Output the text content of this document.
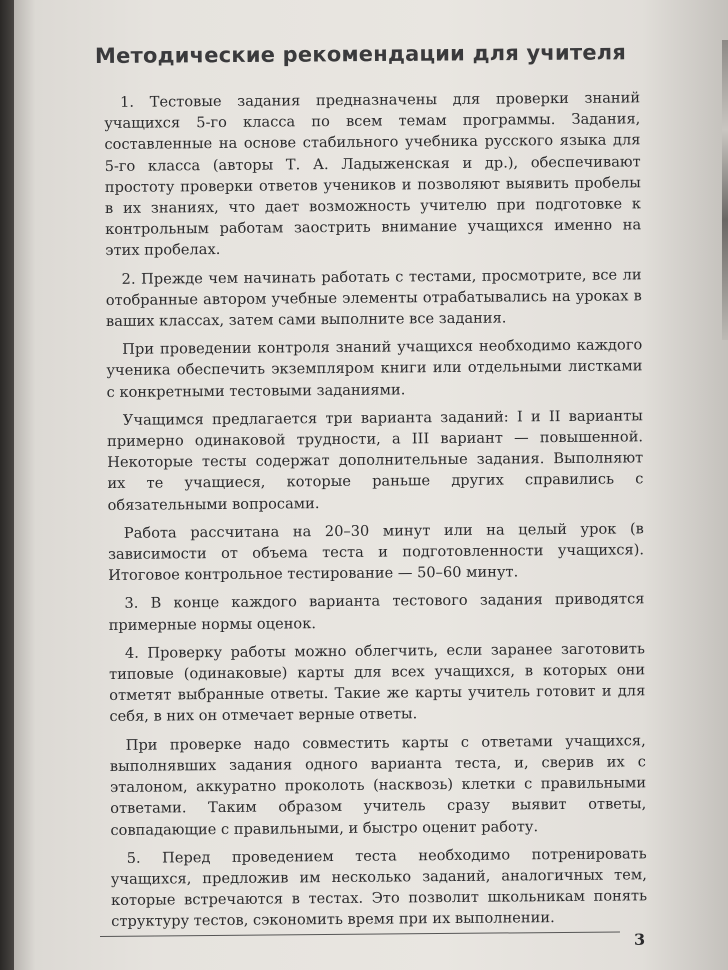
Методические рекомендации для учителя

1. Тестовые задания предназначены для проверки знаний учащихся 5-го класса по всем темам программы. Задания, составленные на основе стабильного учебника русского языка для 5-го класса (авторы Т. А. Ладыженская и др.), обеспечивают простоту проверки ответов учеников и позволяют выявить пробелы в их знаниях, что дает возможность учителю при подготовке к контрольным работам заострить внимание учащихся именно на этих пробелах.

2. Прежде чем начинать работать с тестами, просмотрите, все ли отобранные автором учебные элементы отрабатывались на уроках в ваших классах, затем сами выполните все задания.

При проведении контроля знаний учащихся необходимо каждого ученика обеспечить экземпляром книги или отдельными листками с конкретными тестовыми заданиями.

Учащимся предлагается три варианта заданий: I и II варианты примерно одинаковой трудности, а III вариант — повышенной. Некоторые тесты содержат дополнительные задания. Выполняют их те учащиеся, которые раньше других справились с обязательными вопросами.

Работа рассчитана на 20–30 минут или на целый урок (в зависимости от объема теста и подготовленности учащихся). Итоговое контрольное тестирование — 50–60 минут.

3. В конце каждого варианта тестового задания приводятся примерные нормы оценок.

4. Проверку работы можно облегчить, если заранее заготовить типовые (одинаковые) карты для всех учащихся, в которых они отметят выбранные ответы. Такие же карты учитель готовит и для себя, в них он отмечает верные ответы.

При проверке надо совместить карты с ответами учащихся, выполнявших задания одного варианта теста, и, сверив их с эталоном, аккуратно проколоть (насквозь) клетки с правильными ответами. Таким образом учитель сразу выявит ответы, совпадающие с правильными, и быстро оценит работу.

5. Перед проведением теста необходимо потренировать учащихся, предложив им несколько заданий, аналогичных тем, которые встречаются в тестах. Это позволит школьникам понять структуру тестов, сэкономить время при их выполнении.

3
